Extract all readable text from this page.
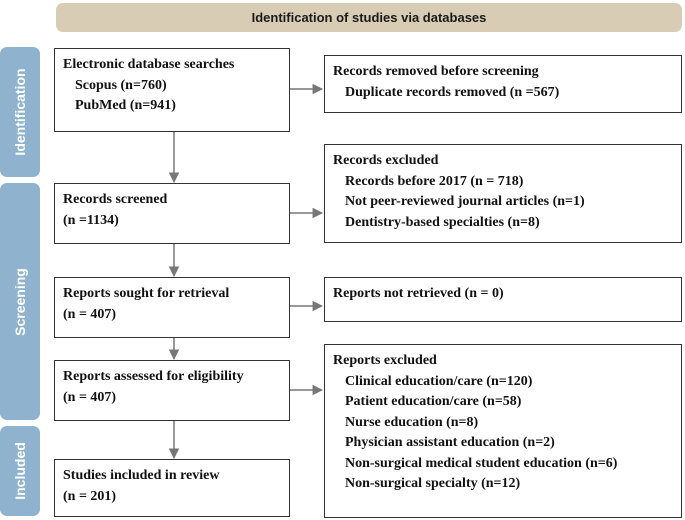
Identification of studies via databases
Identification
Screening
Included
Electronic database searches
Scopus (n=760)
PubMed (n=941)
Records removed before screening
Duplicate records removed (n =567)
Records screened
(n =1134)
Records excluded
Records before 2017 (n = 718)
Not peer-reviewed journal articles (n=1)
Dentistry-based specialties (n=8)
Reports sought for retrieval
(n = 407)
Reports not retrieved (n = 0)
Reports assessed for eligibility
(n = 407)
Reports excluded
Clinical education/care (n=120)
Patient education/care (n=58)
Nurse education (n=8)
Physician assistant education (n=2)
Non-surgical medical student education (n=6)
Non-surgical specialty (n=12)
Studies included in review
(n = 201)
